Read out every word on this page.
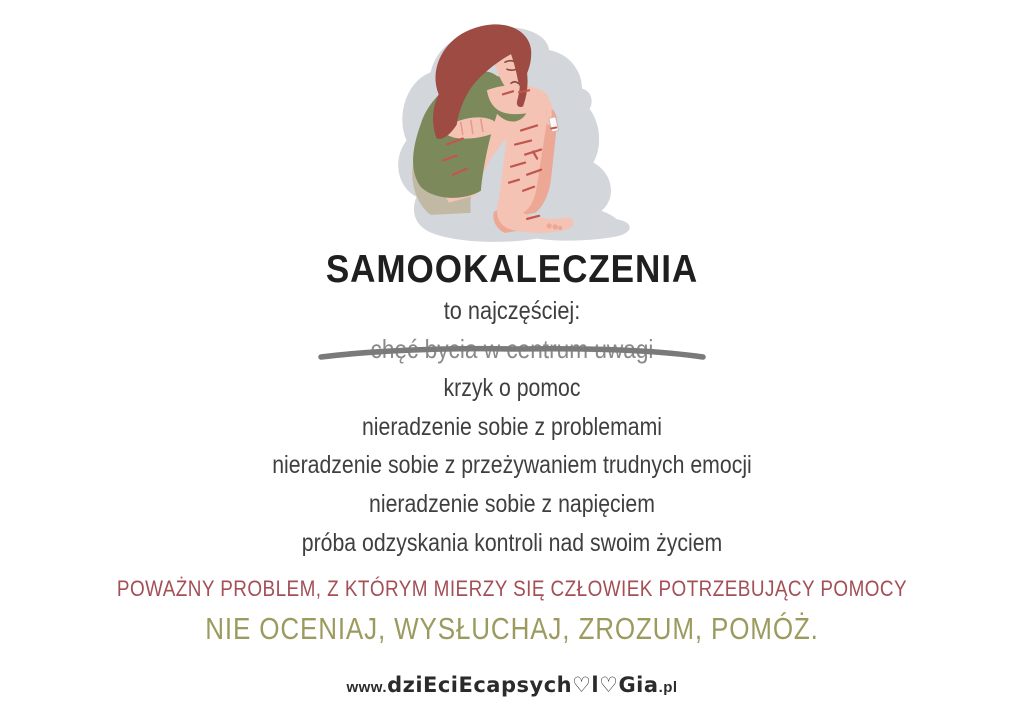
SAMOOKALECZENIA
to najczęściej:
chęć bycia w centrum uwagi
krzyk o pomoc
nieradzenie sobie z problemami
nieradzenie sobie z przeżywaniem trudnych emocji
nieradzenie sobie z napięciem
próba odzyskania kontroli nad swoim życiem
POWAŻNY PROBLEM, Z KTÓRYM MIERZY SIĘ CZŁOWIEK POTRZEBUJĄCY POMOCY
NIE OCENIAJ, WYSŁUCHAJ, ZROZUM, POMÓŻ.
www.dziEciEcapsych♡l♡Gia.pl
